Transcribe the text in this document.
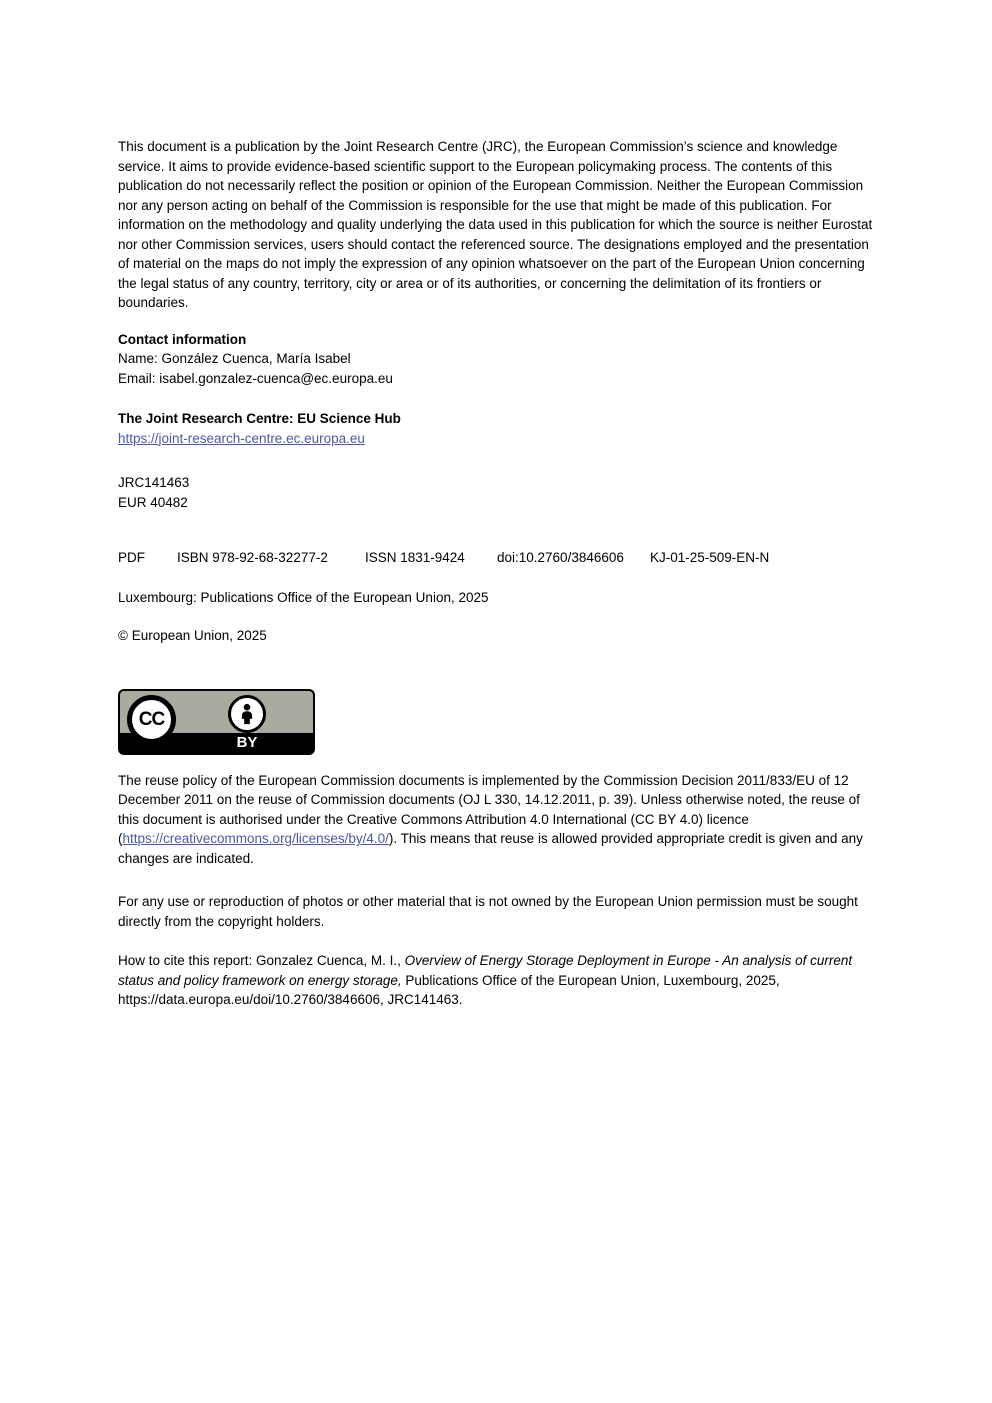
This document is a publication by the Joint Research Centre (JRC), the European Commission’s science and knowledge service. It aims to provide evidence-based scientific support to the European policymaking process. The contents of this publication do not necessarily reflect the position or opinion of the European Commission. Neither the European Commission nor any person acting on behalf of the Commission is responsible for the use that might be made of this publication. For information on the methodology and quality underlying the data used in this publication for which the source is neither Eurostat nor other Commission services, users should contact the referenced source. The designations employed and the presentation of material on the maps do not imply the expression of any opinion whatsoever on the part of the European Union concerning the legal status of any country, territory, city or area or of its authorities, or concerning the delimitation of its frontiers or boundaries.

Contact information
Name: González Cuenca, María Isabel
Email: isabel.gonzalez-cuenca@ec.europa.eu
The Joint Research Centre: EU Science Hub
https://joint-research-centre.ec.europa.eu
JRC141463
EUR 40482
PDF	ISBN 978-92-68-32277-2	ISSN 1831-9424	doi:10.2760/3846606	KJ-01-25-509-EN-N
Luxembourg: Publications Office of the European Union, 2025
© European Union, 2025
CC
BY

The reuse policy of the European Commission documents is implemented by the Commission Decision 2011/833/EU of 12 December 2011 on the reuse of Commission documents (OJ L 330, 14.12.2011, p. 39). Unless otherwise noted, the reuse of this document is authorised under the Creative Commons Attribution 4.0 International (CC BY 4.0) licence (https://creativecommons.org/licenses/by/4.0/). This means that reuse is allowed provided appropriate credit is given and any changes are indicated.

For any use or reproduction of photos or other material that is not owned by the European Union permission must be sought directly from the copyright holders.

How to cite this report: Gonzalez Cuenca, M. I., Overview of Energy Storage Deployment in Europe - An analysis of current status and policy framework on energy storage, Publications Office of the European Union, Luxembourg, 2025, https://data.europa.eu/doi/10.2760/3846606, JRC141463.
